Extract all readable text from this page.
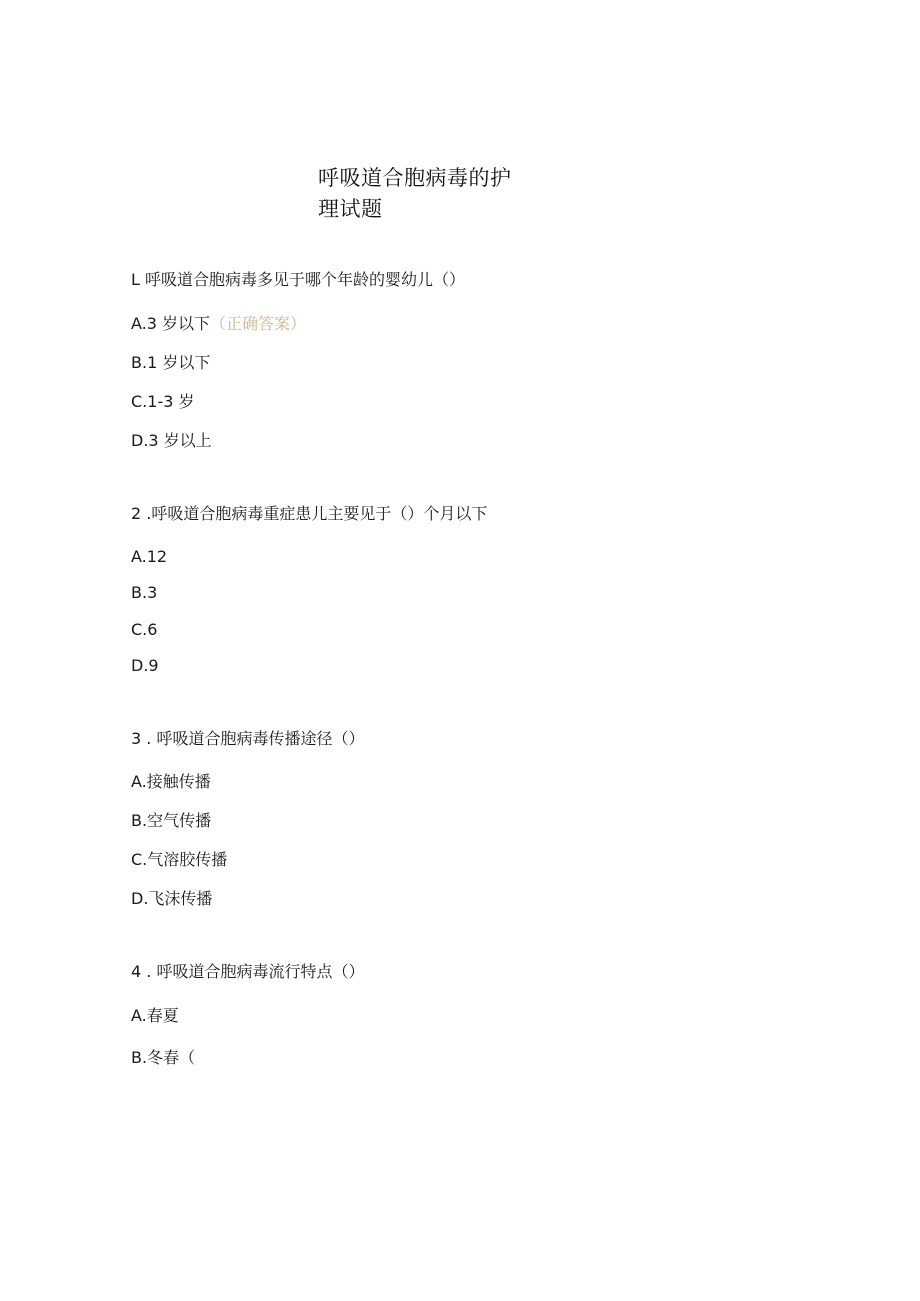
呼吸道合胞病毒的护
理试题
L 呼吸道合胞病毒多见于哪个年龄的婴幼儿（）
A.3 岁以下（正确答案）
B.1 岁以下
C.1-3 岁
D.3 岁以上
2 .呼吸道合胞病毒重症患儿主要见于（）个月以下
A.12
B.3
C.6
D.9
3 . 呼吸道合胞病毒传播途径（）
A.接触传播
B.空气传播
C.气溶胶传播
D.飞沫传播
4 . 呼吸道合胞病毒流行特点（）
A.春夏
B.冬春（
